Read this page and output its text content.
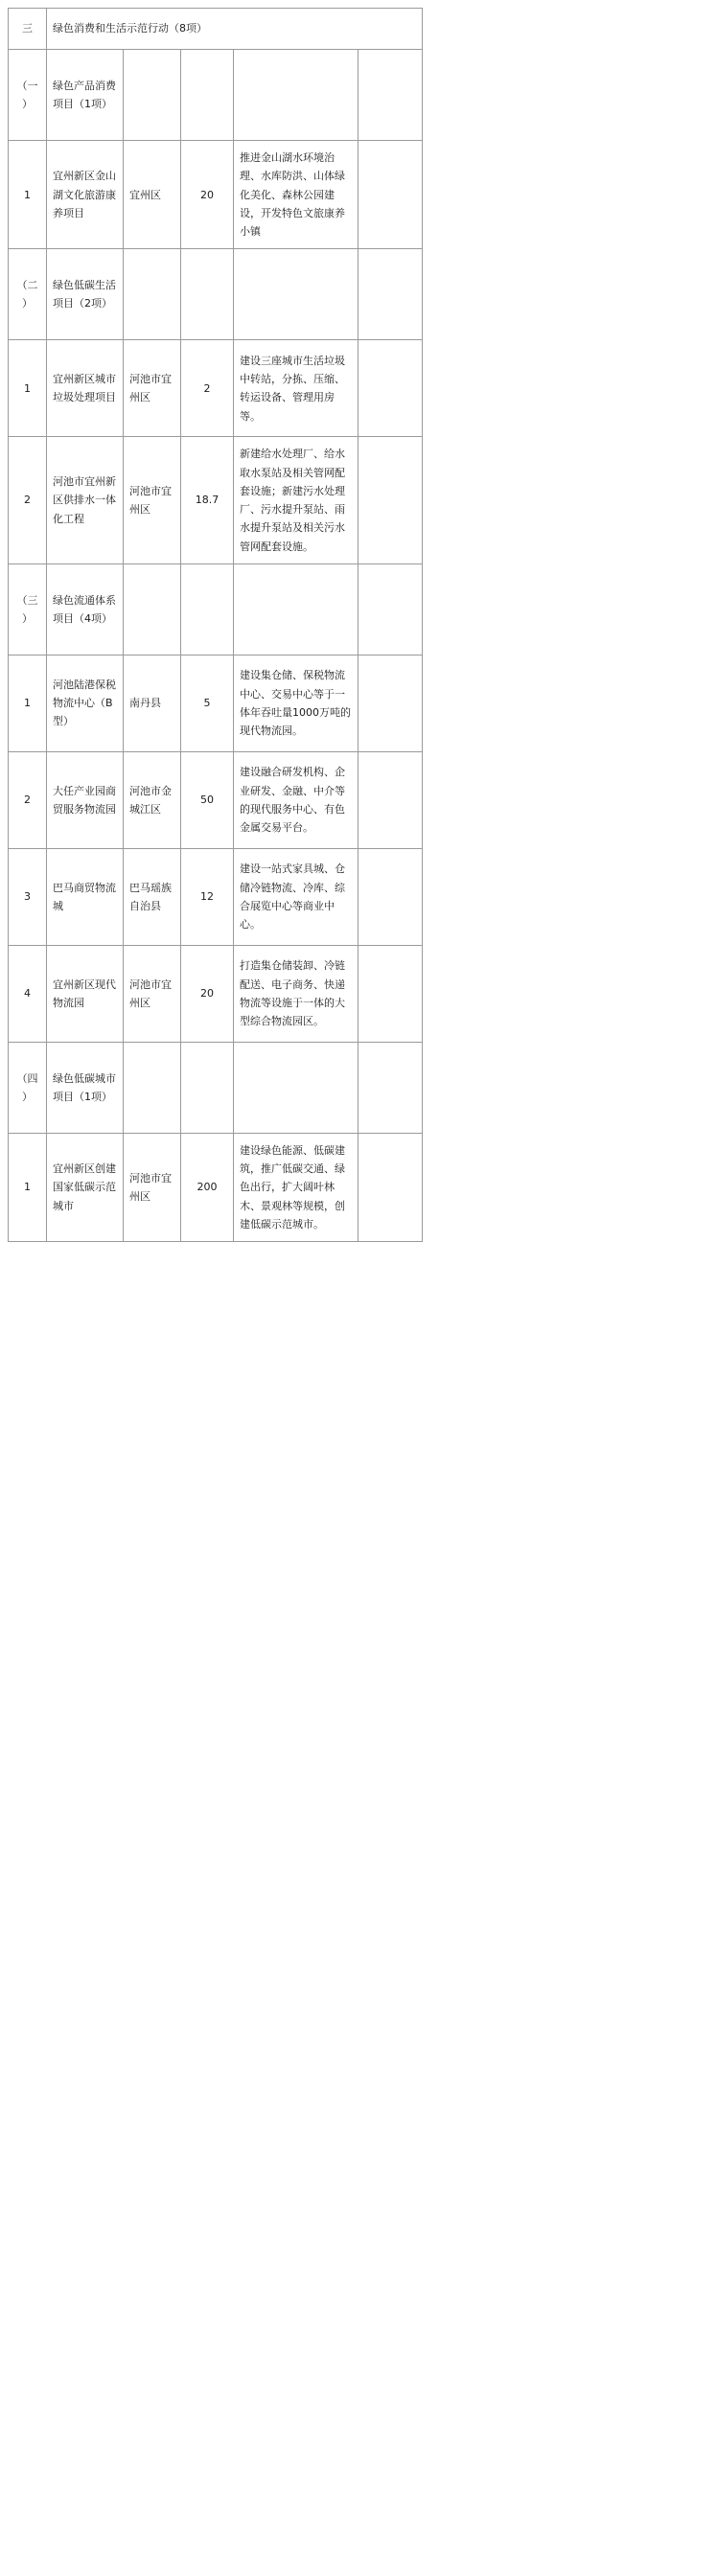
三	绿色消费和生活示范行动（8项）				
（一）	绿色产品消费项目（1项）				
1	宜州新区金山湖文化旅游康养项目	宜州区	20	推进金山湖水环境治理、水库防洪、山体绿化美化、森林公园建设，开发特色文旅康养小镇	
（二）	绿色低碳生活项目（2项）				
1	宜州新区城市垃圾处理项目	河池市宜州区	2	建设三座城市生活垃圾中转站，分拣、压缩、转运设备、管理用房等。	
2	河池市宜州新区供排水一体化工程	河池市宜州区	18.7	新建给水处理厂、给水取水泵站及相关管网配套设施；新建污水处理厂、污水提升泵站、雨水提升泵站及相关污水管网配套设施。	
（三）	绿色流通体系项目（4项）				
1	河池陆港保税物流中心（B型）	南丹县	5	建设集仓储、保税物流中心、交易中心等于一体年吞吐量1000万吨的现代物流园。	
2	大任产业园商贸服务物流园	河池市金城江区	50	建设融合研发机构、企业研发、金融、中介等的现代服务中心、有色金属交易平台。	
3	巴马商贸物流城	巴马瑶族自治县	12	建设一站式家具城、仓储冷链物流、冷库、综合展览中心等商业中心。	
4	宜州新区现代物流园	河池市宜州区	20	打造集仓储装卸、冷链配送、电子商务、快递物流等设施于一体的大型综合物流园区。	
（四）	绿色低碳城市项目（1项）				
1	宜州新区创建国家低碳示范城市	河池市宜州区	200	建设绿色能源、低碳建筑，推广低碳交通、绿色出行，扩大阔叶林木、景观林等规模，创建低碳示范城市。	
